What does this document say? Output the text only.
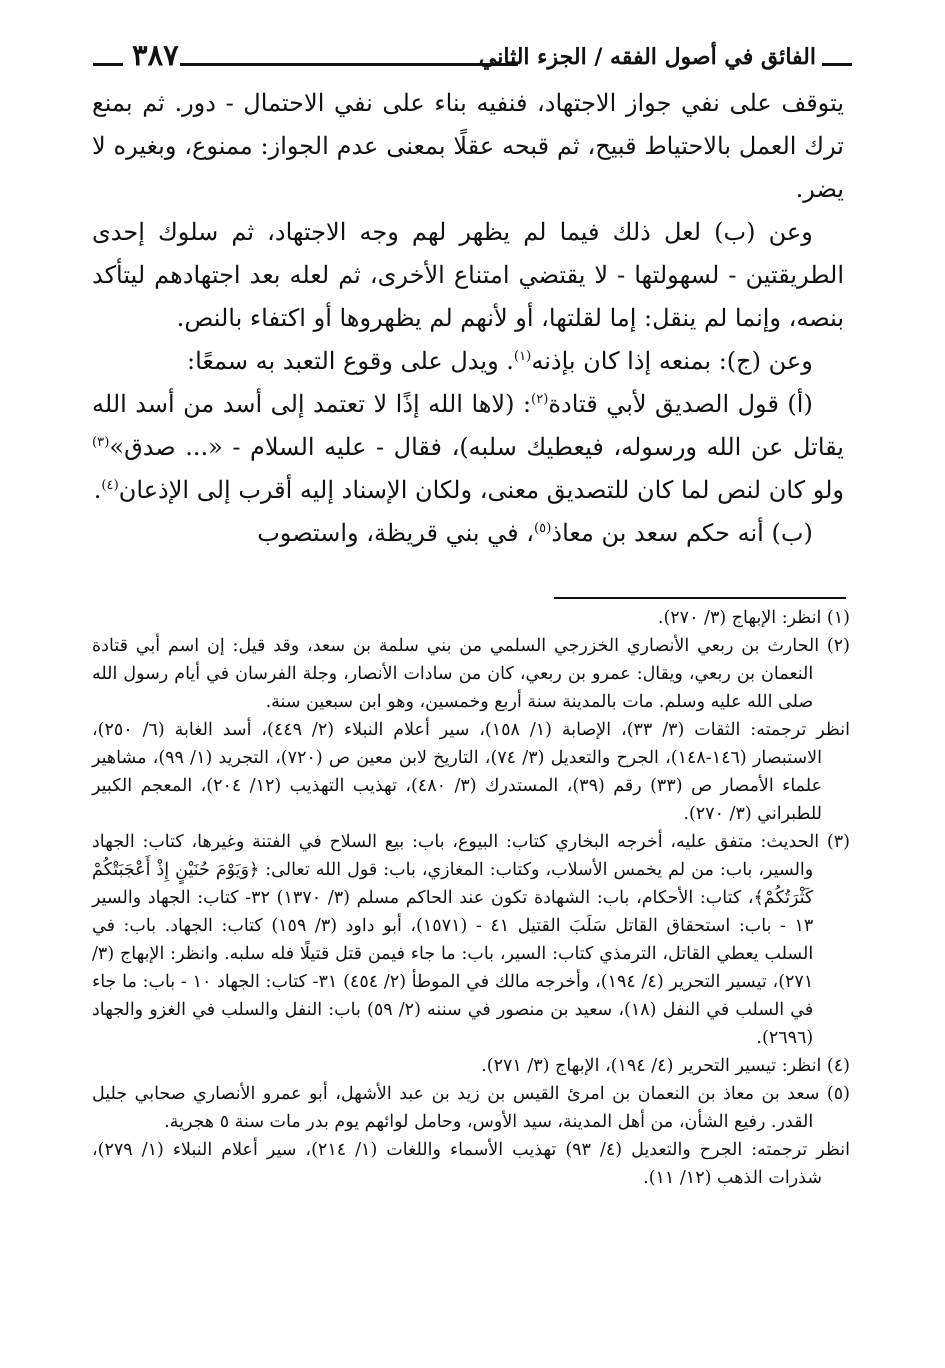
٣٨٧	الفائق في أصول الفقه / الجزء الثاني

يتوقف على نفي جواز الاجتهاد، فنفيه بناء على نفي الاحتمال - دور. ثم بمنع ترك العمل بالاحتياط قبيح، ثم قبحه عقلًا بمعنى عدم الجواز: ممنوع، وبغيره لا يضر.

وعن (ب) لعل ذلك فيما لم يظهر لهم وجه الاجتهاد، ثم سلوك إحدى الطريقتين - لسهولتها - لا يقتضي امتناع الأخرى، ثم لعله بعد اجتهادهم ليتأكد بنصه، وإنما لم ينقل: إما لقلتها، أو لأنهم لم يظهروها أو اكتفاء بالنص.

وعن (ج): بمنعه إذا كان بإذنه$^{(١)}$. ويدل على وقوع التعبد به سمعًا:

(أ) قول الصديق لأبي قتادة$^{(٢)}$: (لاها الله إذًا لا تعتمد إلى أسد من أسد الله يقاتل عن الله ورسوله، فيعطيك سلبه)، فقال - عليه السلام - «... صدق»$^{(٣)}$ ولو كان لنص لما كان للتصديق معنى، ولكان الإسناد إليه أقرب إلى الإذعان$^{(٤)}$.

(ب) أنه حكم سعد بن معاذ$^{(٥)}$، في بني قريظة، واستصوب

(١) انظر: الإبهاج (٣/ ٢٧٠).

(٢) الحارث بن ربعي الأنصاري الخزرجي السلمي من بني سلمة بن سعد، وقد قيل: إن اسم أبي قتادة النعمان بن ربعي، ويقال: عمرو بن ربعي، كان من سادات الأنصار، وجلة الفرسان في أيام رسول الله صلى الله عليه وسلم. مات بالمدينة سنة أربع وخمسين، وهو ابن سبعين سنة.

انظر ترجمته: الثقات (٣/ ٣٣)، الإصابة (١/ ١٥٨)، سير أعلام النبلاء (٢/ ٤٤٩)، أسد الغابة (٦/ ٢٥٠)، الاستبصار (١٤٦-١٤٨)، الجرح والتعديل (٣/ ٧٤)، التاريخ لابن معين ص (٧٢٠)، التجريد (١/ ٩٩)، مشاهير علماء الأمصار ص (٣٣) رقم (٣٩)، المستدرك (٣/ ٤٨٠)، تهذيب التهذيب (١٢/ ٢٠٤)، المعجم الكبير للطبراني (٣/ ٢٧٠).

(٣) الحديث: متفق عليه، أخرجه البخاري كتاب: البيوع، باب: بيع السلاح في الفتنة وغيرها، كتاب: الجهاد والسير، باب: من لم يخمس الأسلاب، وكتاب: المغازي، باب: قول الله تعالى: ﴿وَيَوْمَ حُنَيْنٍ إِذْ أَعْجَبَتْكُمْ كَثْرَتُكُمْ﴾، كتاب: الأحكام، باب: الشهادة تكون عند الحاكم مسلم (٣/ ١٣٧٠) ٣٢- كتاب: الجهاد والسير ١٣ - باب: استحقاق القاتل سَلَبَ القتيل ٤١ - (١٥٧١)، أبو داود (٣/ ١٥٩) كتاب: الجهاد. باب: في السلب يعطي القاتل، الترمذي كتاب: السير، باب: ما جاء فيمن قتل قتيلًا فله سلبه. وانظر: الإبهاج (٣/ ٢٧١)، تيسير التحرير (٤/ ١٩٤)، وأخرجه مالك في الموطأ (٢/ ٤٥٤) ٣١- كتاب: الجهاد ١٠ - باب: ما جاء في السلب في النفل (١٨)، سعيد بن منصور في سننه (٢/ ٥٩) باب: النفل والسلب في الغزو والجهاد (٢٦٩٦).

(٤) انظر: تيسير التحرير (٤/ ١٩٤)، الإبهاج (٣/ ٢٧١).

(٥) سعد بن معاذ بن النعمان بن امرئ القيس بن زيد بن عبد الأشهل، أبو عمرو الأنصاري صحابي جليل القدر. رفيع الشأن، من أهل المدينة، سيد الأوس، وحامل لوائهم يوم بدر مات سنة ٥ هجرية.

انظر ترجمته: الجرح والتعديل (٤/ ٩٣) تهذيب الأسماء واللغات (١/ ٢١٤)، سير أعلام النبلاء (١/ ٢٧٩)، شذرات الذهب (١٢/ ١١).
